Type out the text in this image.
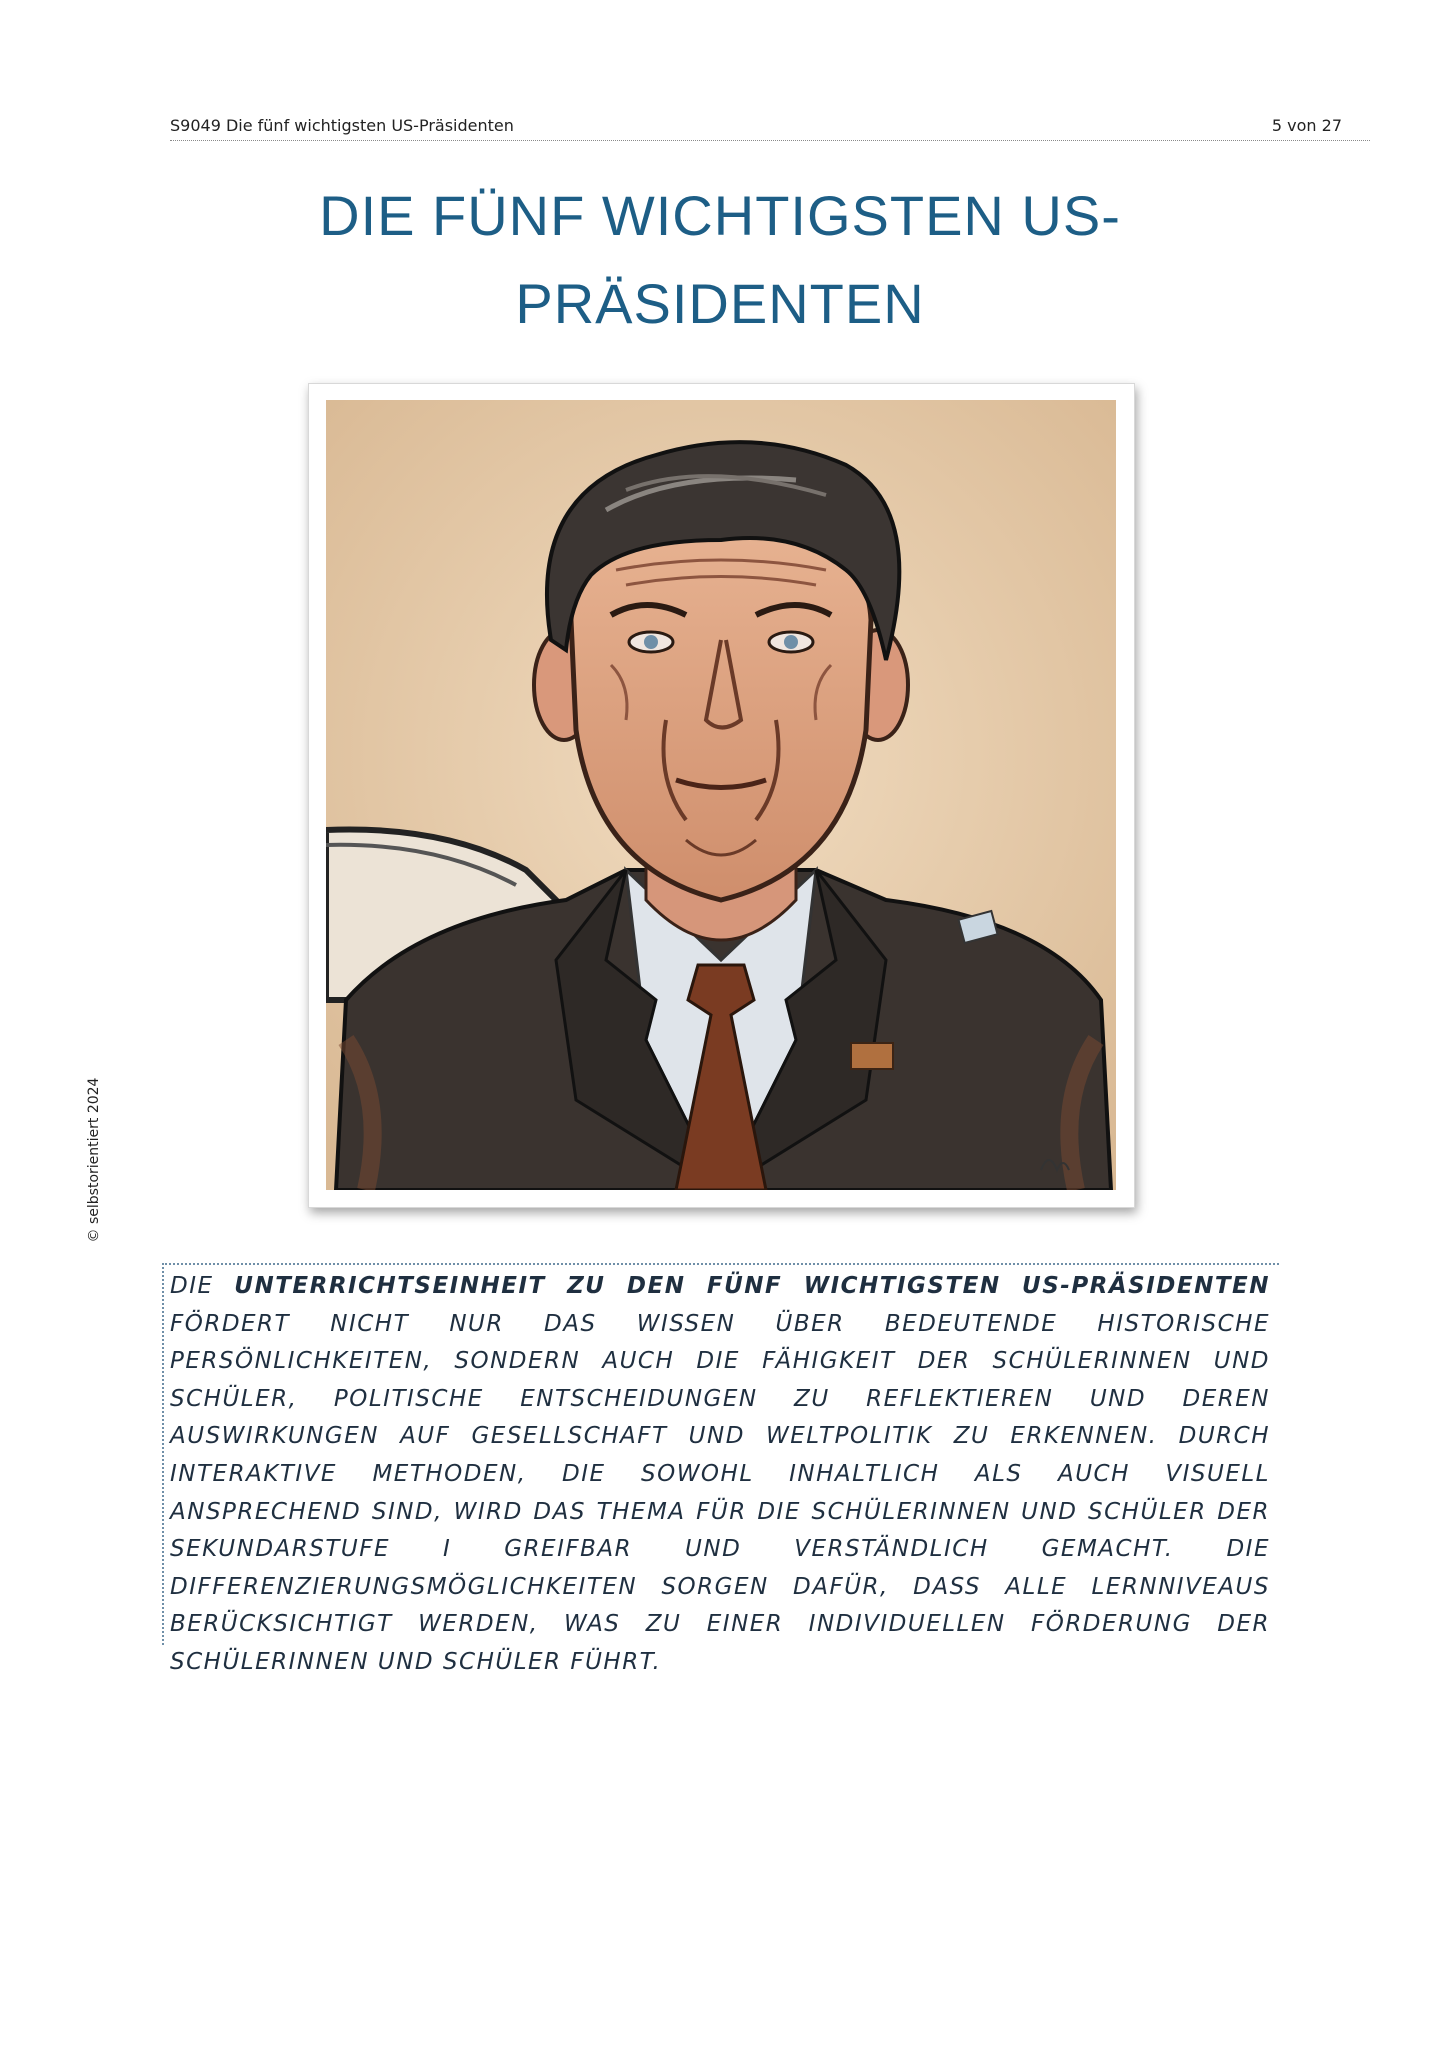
S9049 Die fünf wichtigsten US-Präsidenten	5 von 27
DIE FÜNF WICHTIGSTEN US-
PRÄSIDENTEN
© selbstorientiert 2024
DIE UNTERRICHTSEINHEIT ZU DEN FÜNF WICHTIGSTEN US-PRÄSIDENTEN FÖRDERT NICHT NUR DAS WISSEN ÜBER BEDEUTENDE HISTORISCHE PERSÖNLICHKEITEN, SONDERN AUCH DIE FÄHIGKEIT DER SCHÜLERINNEN UND SCHÜLER, POLITISCHE ENTSCHEIDUNGEN ZU REFLEKTIEREN UND DEREN AUSWIRKUNGEN AUF GESELLSCHAFT UND WELTPOLITIK ZU ERKENNEN. DURCH INTERAKTIVE METHODEN, DIE SOWOHL INHALTLICH ALS AUCH VISUELL ANSPRECHEND SIND, WIRD DAS THEMA FÜR DIE SCHÜLERINNEN UND SCHÜLER DER SEKUNDARSTUFE I GREIFBAR UND VERSTÄNDLICH GEMACHT. DIE DIFFERENZIERUNGSMÖGLICHKEITEN SORGEN DAFÜR, DASS ALLE LERNNIVEAUS BERÜCKSICHTIGT WERDEN, WAS ZU EINER INDIVIDUELLEN FÖRDERUNG DER SCHÜLERINNEN UND SCHÜLER FÜHRT.
